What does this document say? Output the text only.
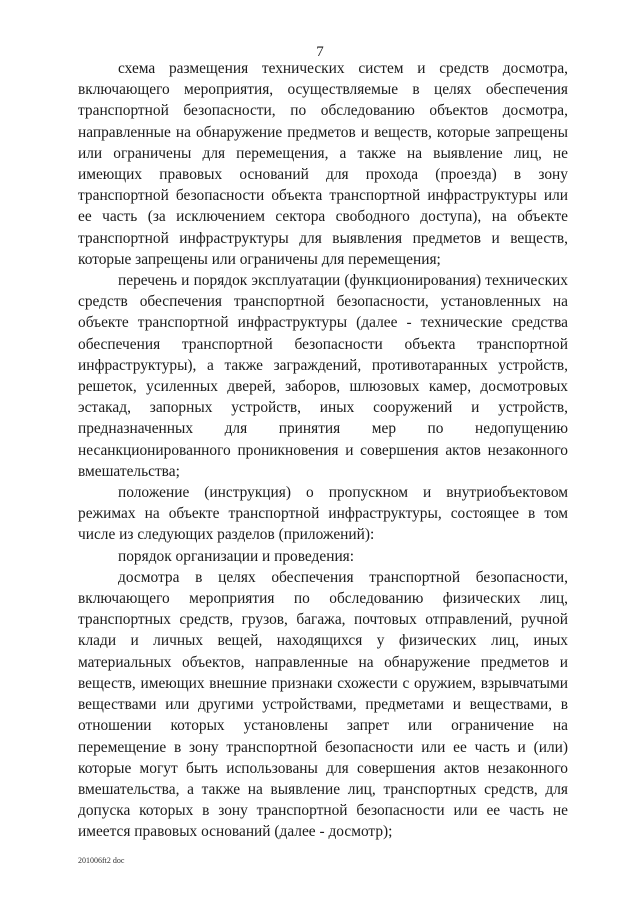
7

схема размещения технических систем и средств досмотра, включающего мероприятия, осуществляемые в целях обеспечения транспортной безопасности, по обследованию объектов досмотра, направленные на обнаружение предметов и веществ, которые запрещены или ограничены для перемещения, а также на выявление лиц, не имеющих правовых оснований для прохода (проезда) в зону транспортной безопасности объекта транспортной инфраструктуры или ее часть (за исключением сектора свободного доступа), на объекте транспортной инфраструктуры для выявления предметов и веществ, которые запрещены или ограничены для перемещения;

перечень и порядок эксплуатации (функционирования) технических средств обеспечения транспортной безопасности, установленных на объекте транспортной инфраструктуры (далее - технические средства обеспечения транспортной безопасности объекта транспортной инфраструктуры), а также заграждений, противотаранных устройств, решеток, усиленных дверей, заборов, шлюзовых камер, досмотровых эстакад, запорных устройств, иных сооружений и устройств, предназначенных для принятия мер по недопущению несанкционированного проникновения и совершения актов незаконного вмешательства;

положение (инструкция) о пропускном и внутриобъектовом режимах на объекте транспортной инфраструктуры, состоящее в том числе из следующих разделов (приложений):

порядок организации и проведения:

досмотра в целях обеспечения транспортной безопасности, включающего мероприятия по обследованию физических лиц, транспортных средств, грузов, багажа, почтовых отправлений, ручной клади и личных вещей, находящихся у физических лиц, иных материальных объектов, направленные на обнаружение предметов и веществ, имеющих внешние признаки схожести с оружием, взрывчатыми веществами или другими устройствами, предметами и веществами, в отношении которых установлены запрет или ограничение на перемещение в зону транспортной безопасности или ее часть и (или) которые могут быть использованы для совершения актов незаконного вмешательства, а также на выявление лиц, транспортных средств, для допуска которых в зону транспортной безопасности или ее часть не имеется правовых оснований (далее - досмотр);

201006ft2 doc
